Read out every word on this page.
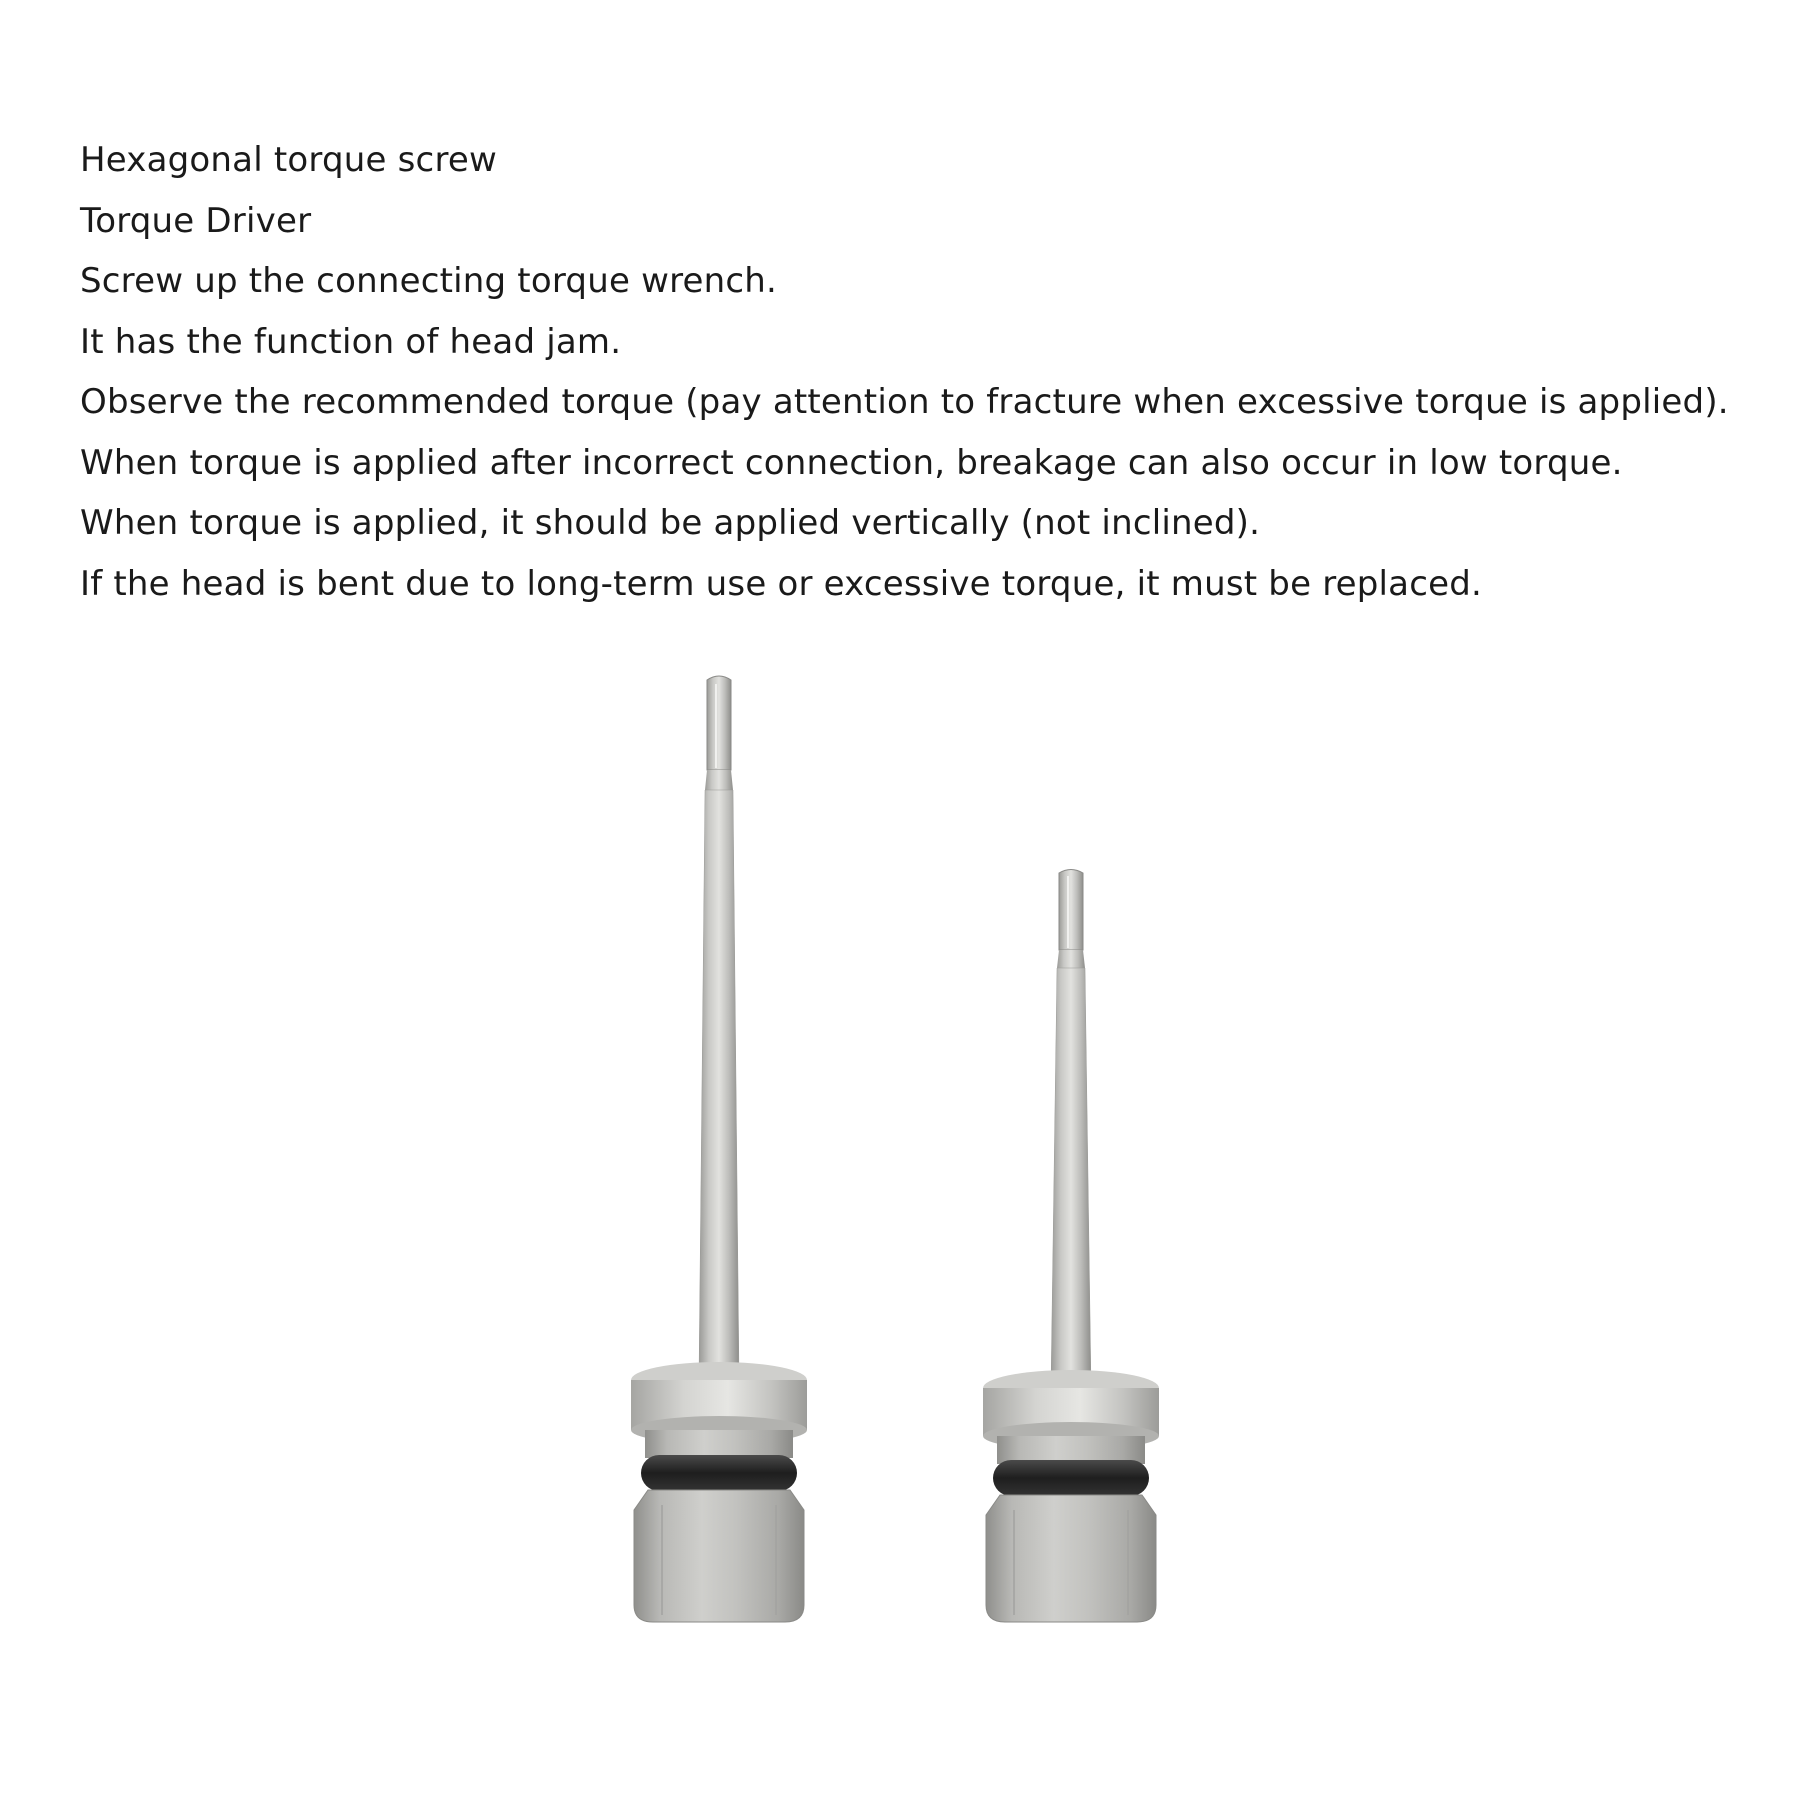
Hexagonal torque screw
Torque Driver
Screw up the connecting torque wrench.
It has the function of head jam.
Observe the recommended torque (pay attention to fracture when excessive torque is applied).
When torque is applied after incorrect connection, breakage can also occur in low torque.
When torque is applied, it should be applied vertically (not inclined).
If the head is bent due to long-term use or excessive torque, it must be replaced.
